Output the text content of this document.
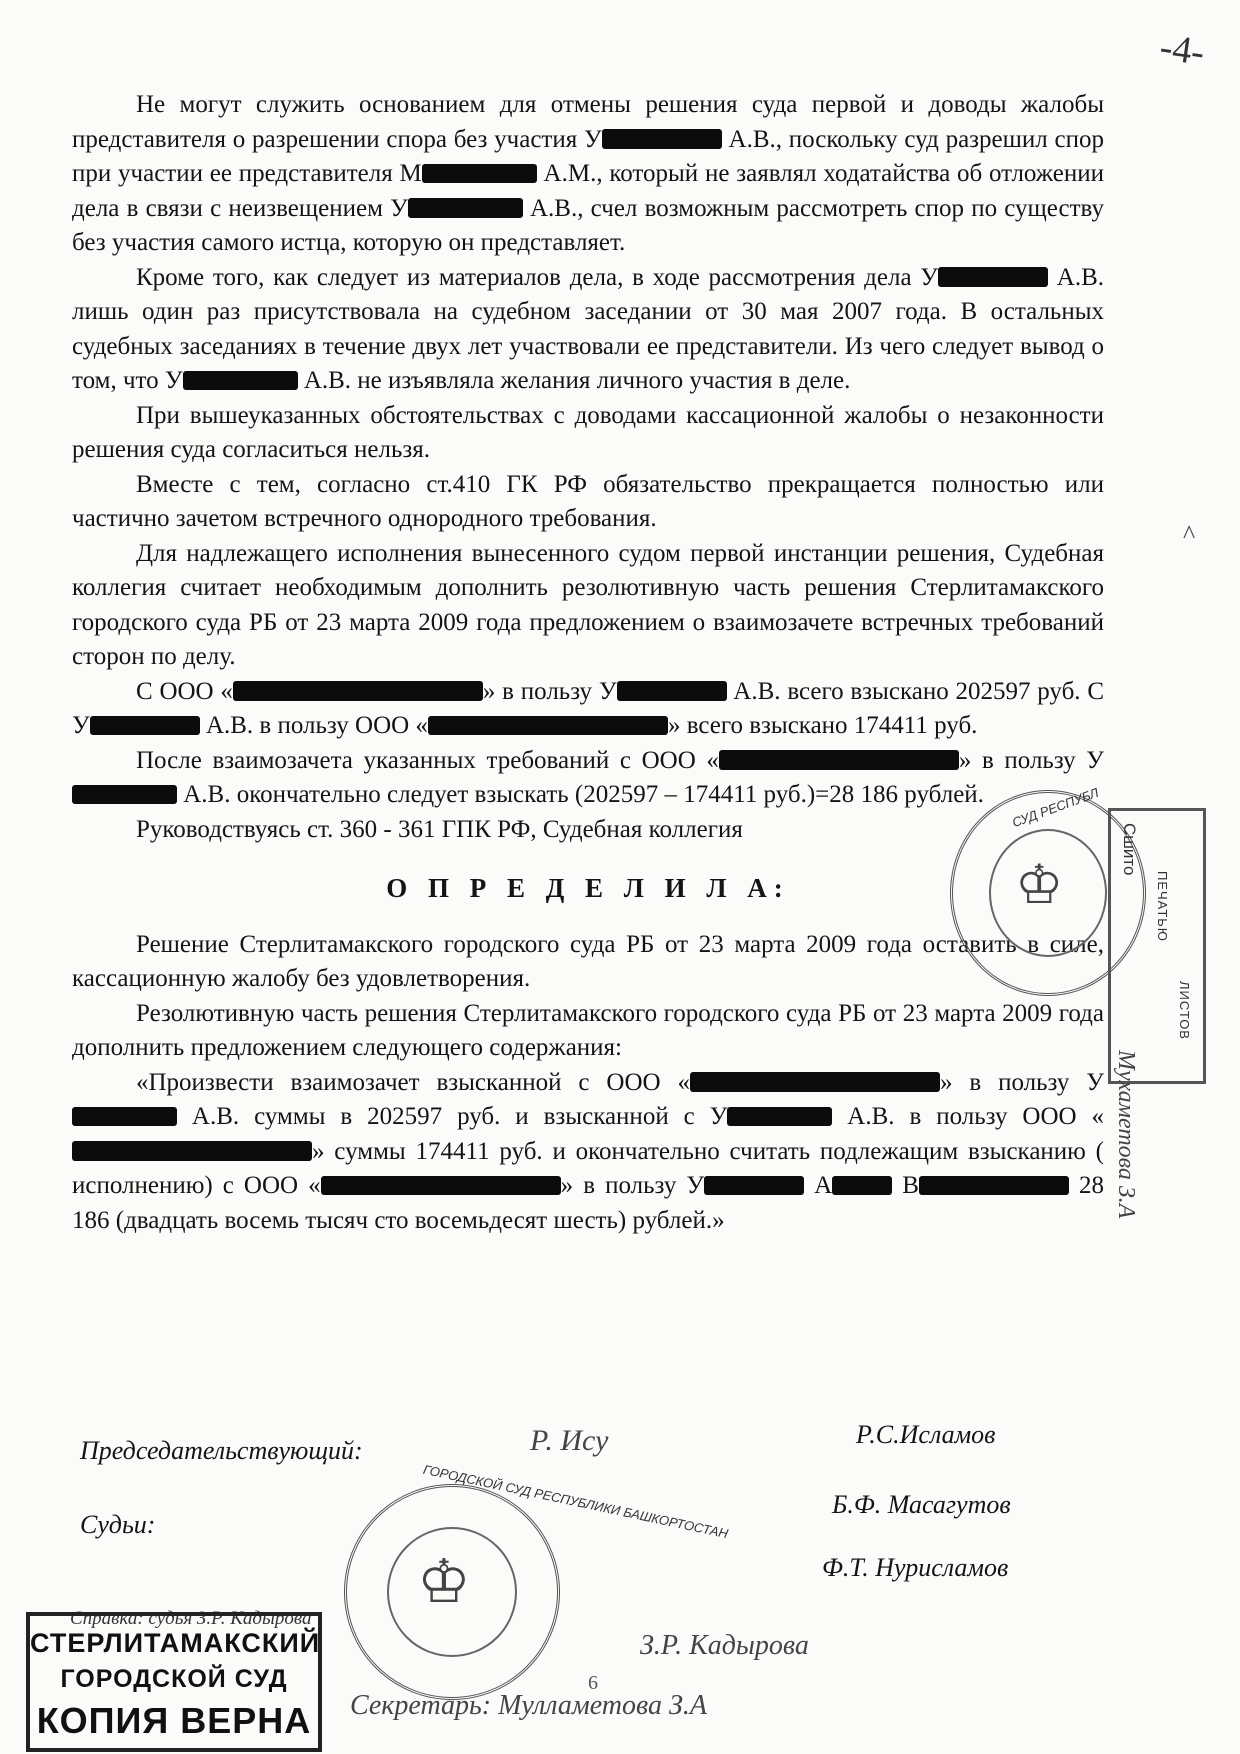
-4-
^

Не могут служить основанием для отмены решения суда первой и доводы жалобы представителя о разрешении спора без участия У	А.В., поскольку суд разрешил спор при участии ее представителя М	А.М., который не заявлял ходатайства об отложении дела в связи с неизвещением У	А.В., счел возможным рассмотреть спор по существу без участия самого истца, которую он представляет.

Кроме того, как следует из материалов дела, в ходе рассмотрения дела У	А.В. лишь один раз присутствовала на судебном заседании от 30 мая 2007 года. В остальных судебных заседаниях в течение двух лет участвовали ее представители. Из чего следует вывод о том, что У	А.В. не изъявляла желания личного участия в деле.

При вышеуказанных обстоятельствах с доводами кассационной жалобы о незаконности решения суда согласиться нельзя.

Вместе с тем, согласно ст.410 ГК РФ обязательство прекращается полностью или частично зачетом встречного однородного требования.

Для надлежащего исполнения вынесенного судом первой инстанции решения, Судебная коллегия считает необходимым дополнить резолютивную часть решения Стерлитамакского городского суда РБ от 23 марта 2009 года предложением о взаимозачете встречных требований сторон по делу.

С ООО «	» в пользу У	А.В. всего взыскано 202597 руб. С У	А.В. в пользу ООО «	» всего взыскано 174411 руб.

После взаимозачета указанных требований с ООО «	» в пользу У А.В. окончательно следует взыскать (202597 – 174411 руб.)=28 186 рублей.

Руководствуясь ст. 360 - 361 ГПК РФ, Судебная коллегия

О П Р Е Д Е Л И Л А:

Решение Стерлитамакского городского суда РБ от 23 марта 2009 года оставить в силе, кассационную жалобу без удовлетворения.

Резолютивную часть решения Стерлитамакского городского суда РБ от 23 марта 2009 года дополнить предложением следующего содержания:

«Произвести взаимозачет взысканной с ООО «	» в пользу У А.В. суммы в 202597 руб. и взысканной с У	А.В. в пользу ООО «» суммы 174411 руб. и окончательно считать подлежащим взысканию ( исполнению) с ООО «	» в пользу У	А В	28 186 (двадцать восемь тысяч сто восемьдесят шесть) рублей.»

Председательствующий:
Р.С.Исламов
Р. Ису
Судьи:
Б.Ф. Масагутов
Ф.Т. Нурисламов
♔
ГОРОДСКОЙ СУД РЕСПУБЛИКИ БАШКОРТОСТАН
♔
СУД РЕСПУБЛ
Сшито
ПЕЧАТЬЮ
ЛИСТОВ
Мухаметова З.А
Справка: судья З.Р. Кадырова
СТЕРЛИТАМАКСКИЙ
ГОРОДСКОЙ СУД
КОПИЯ ВЕРНА
З.Р. Кадырова
Секретарь: Мулламетова З.А
6
